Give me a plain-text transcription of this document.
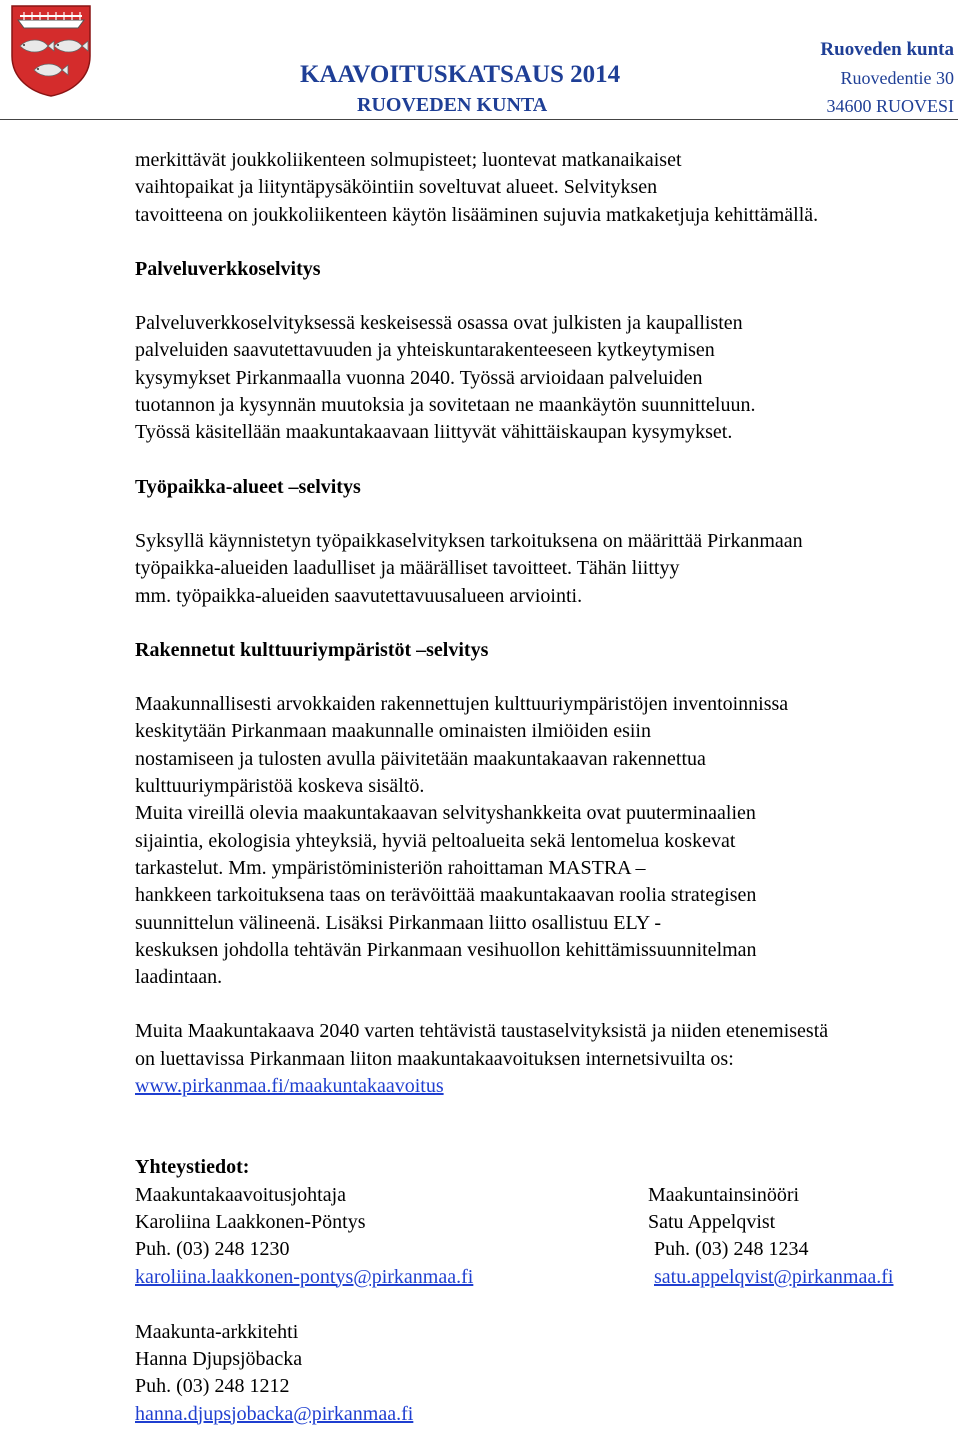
KAAVOITUSKATSAUS 2014
RUOVEDEN KUNTA
Ruoveden kunta
Ruovedentie 30
34600 RUOVESI

merkittävät joukkoliikenteen solmupisteet; luontevat matkanaikaiset
vaihtopaikat ja liityntäpysäköintiin soveltuvat alueet. Selvityksen
tavoitteena on joukkoliikenteen käytön lisääminen sujuvia matkaketjuja kehittämällä.

Palveluverkkoselvitys

Palveluverkkoselvityksessä keskeisessä osassa ovat julkisten ja kaupallisten
palveluiden saavutettavuuden ja yhteiskuntarakenteeseen kytkeytymisen
kysymykset Pirkanmaalla vuonna 2040. Työssä arvioidaan palveluiden
tuotannon ja kysynnän muutoksia ja sovitetaan ne maankäytön suunnitteluun.
Työssä käsitellään maakuntakaavaan liittyvät vähittäiskaupan kysymykset.

Työpaikka-alueet –selvitys

Syksyllä käynnistetyn työpaikkaselvityksen tarkoituksena on määrittää Pirkanmaan
työpaikka-alueiden laadulliset ja määrälliset tavoitteet. Tähän liittyy
mm. työpaikka-alueiden saavutettavuusalueen arviointi.

Rakennetut kulttuuriympäristöt –selvitys

Maakunnallisesti arvokkaiden rakennettujen kulttuuriympäristöjen inventoinnissa
keskitytään Pirkanmaan maakunnalle ominaisten ilmiöiden esiin
nostamiseen ja tulosten avulla päivitetään maakuntakaavan rakennettua
kulttuuriympäristöä koskeva sisältö.
Muita vireillä olevia maakuntakaavan selvityshankkeita ovat puuterminaalien
sijaintia, ekologisia yhteyksiä, hyviä peltoalueita sekä lentomelua koskevat
tarkastelut. Mm. ympäristöministeriön rahoittaman MASTRA –
hankkeen tarkoituksena taas on terävöittää maakuntakaavan roolia strategisen
suunnittelun välineenä. Lisäksi Pirkanmaan liitto osallistuu ELY -
keskuksen johdolla tehtävän Pirkanmaan vesihuollon kehittämissuunnitelman
laadintaan.

Muita Maakuntakaava 2040 varten tehtävistä taustaselvityksistä ja niiden etenemisestä
on luettavissa Pirkanmaan liiton maakuntakaavoituksen internetsivuilta os:
www.pirkanmaa.fi/maakuntakaavoitus

Yhteystiedot:

Maakuntakaavoitusjohtaja
Karoliina Laakkonen-Pöntys
Puh. (03) 248 1230
karoliina.laakkonen-pontys@pirkanmaa.fi
Maakuntainsinööri
Satu Appelqvist
Puh. (03) 248 1234
satu.appelqvist@pirkanmaa.fi
Maakunta-arkkitehti
Hanna Djupsjöbacka
Puh. (03) 248 1212
hanna.djupsjobacka@pirkanmaa.fi
